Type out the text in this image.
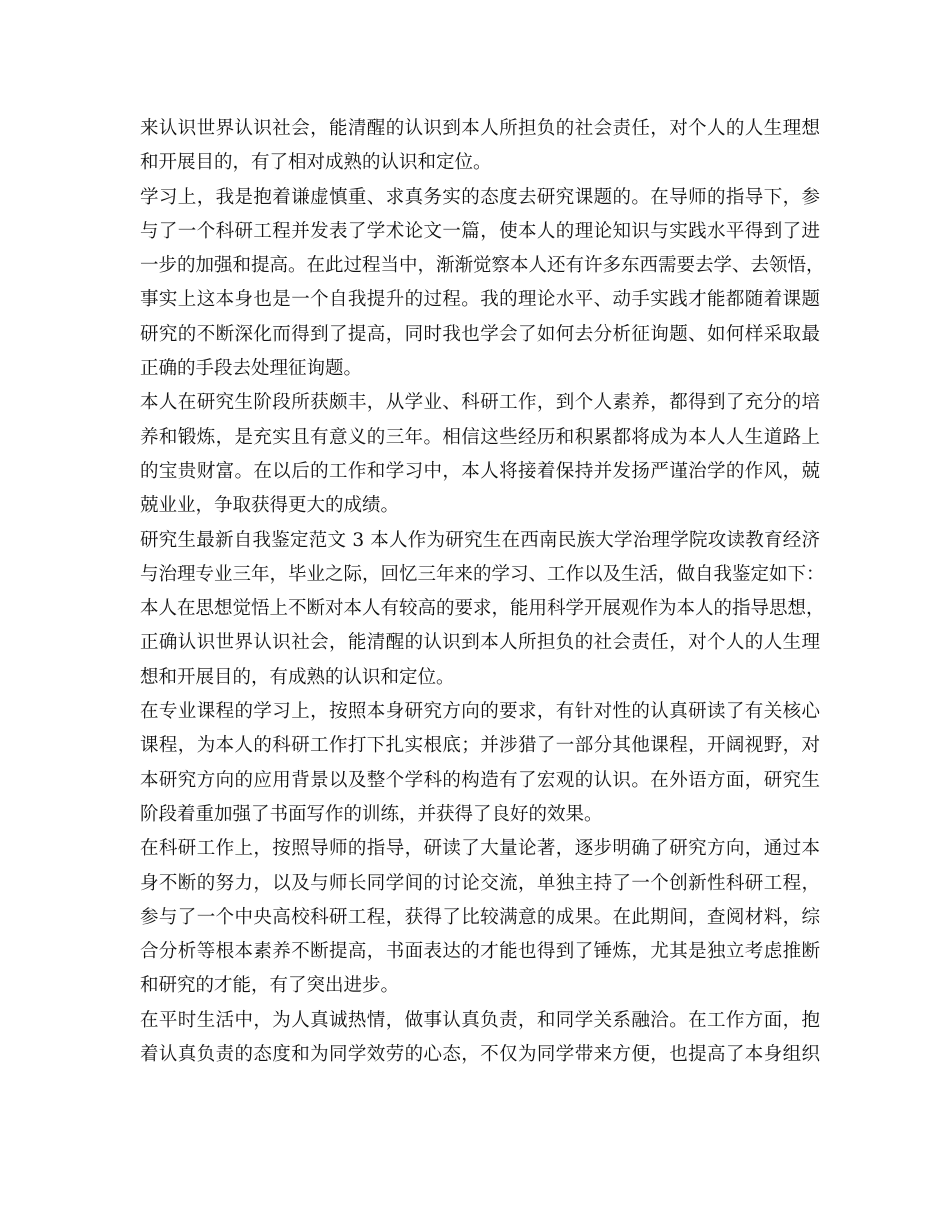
来认识世界认识社会，能清醒的认识到本人所担负的社会责任，对个人的人生理想
和开展目的，有了相对成熟的认识和定位。
学习上，我是抱着谦虚慎重、求真务实的态度去研究课题的。在导师的指导下，参
与了一个科研工程并发表了学术论文一篇，使本人的理论知识与实践水平得到了进
一步的加强和提高。在此过程当中，渐渐觉察本人还有许多东西需要去学、去领悟，
事实上这本身也是一个自我提升的过程。我的理论水平、动手实践才能都随着课题
研究的不断深化而得到了提高，同时我也学会了如何去分析征询题、如何样采取最
正确的手段去处理征询题。
本人在研究生阶段所获颇丰，从学业、科研工作，到个人素养，都得到了充分的培
养和锻炼，是充实且有意义的三年。相信这些经历和积累都将成为本人人生道路上
的宝贵财富。在以后的工作和学习中，本人将接着保持并发扬严谨治学的作风，兢
兢业业，争取获得更大的成绩。
研究生最新自我鉴定范文 3 本人作为研究生在西南民族大学治理学院攻读教育经济
与治理专业三年，毕业之际，回忆三年来的学习、工作以及生活，做自我鉴定如下：
本人在思想觉悟上不断对本人有较高的要求，能用科学开展观作为本人的指导思想，
正确认识世界认识社会，能清醒的认识到本人所担负的社会责任，对个人的人生理
想和开展目的，有成熟的认识和定位。
在专业课程的学习上，按照本身研究方向的要求，有针对性的认真研读了有关核心
课程，为本人的科研工作打下扎实根底；并涉猎了一部分其他课程，开阔视野，对
本研究方向的应用背景以及整个学科的构造有了宏观的认识。在外语方面，研究生
阶段着重加强了书面写作的训练，并获得了良好的效果。
在科研工作上，按照导师的指导，研读了大量论著，逐步明确了研究方向，通过本
身不断的努力，以及与师长同学间的讨论交流，单独主持了一个创新性科研工程，
参与了一个中央高校科研工程，获得了比较满意的成果。在此期间，查阅材料，综
合分析等根本素养不断提高，书面表达的才能也得到了锤炼，尤其是独立考虑推断
和研究的才能，有了突出进步。
在平时生活中，为人真诚热情，做事认真负责，和同学关系融洽。在工作方面，抱
着认真负责的态度和为同学效劳的心态，不仅为同学带来方便，也提高了本身组织
